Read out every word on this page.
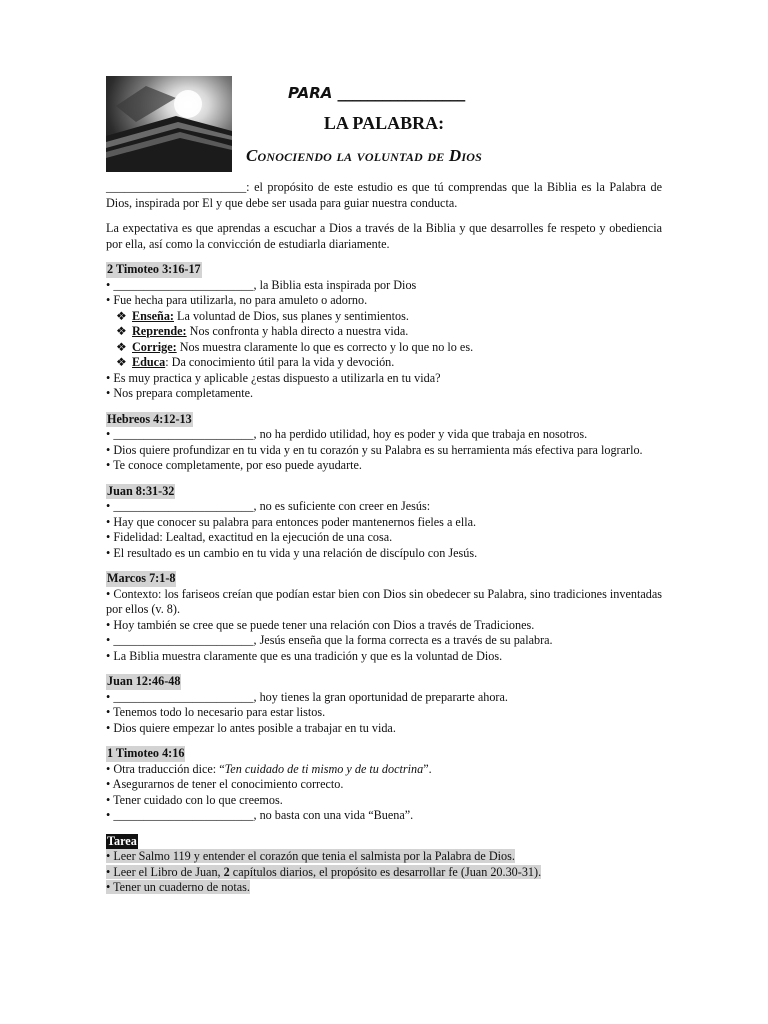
PARA _________________
LA PALABRA:
Conociendo la voluntad de Dios

_______________________: el propósito de este estudio es que tú comprendas que la Biblia es la Palabra de Dios, inspirada por El y que debe ser usada para guiar nuestra conducta.

La expectativa es que aprendas a escuchar a Dios a través de la Biblia y que desarrolles fe respeto y obediencia por ella, así como la convicción de estudiarla diariamente.

2 Timoteo 3:16-17

• _______________________, la Biblia esta inspirada por Dios

• Fue hecha para utilizarla, no para amuleto o adorno.

❖ Enseña: La voluntad de Dios, sus planes y sentimientos.

❖ Reprende: Nos confronta y habla directo a nuestra vida.

❖ Corrige: Nos muestra claramente lo que es correcto y lo que no lo es.

❖ Educa: Da conocimiento útil para la vida y devoción.

• Es muy practica y aplicable ¿estas dispuesto a utilizarla en tu vida?

• Nos prepara completamente.

Hebreos 4:12-13

• _______________________, no ha perdido utilidad, hoy es poder y vida que trabaja en nosotros.

• Dios quiere profundizar en tu vida y en tu corazón y su Palabra es su herramienta más efectiva para lograrlo.

• Te conoce completamente, por eso puede ayudarte.

Juan 8:31-32

• _______________________, no es suficiente con creer en Jesús:

• Hay que conocer su palabra para entonces poder mantenernos fieles a ella.

• Fidelidad: Lealtad, exactitud en la ejecución de una cosa.

• El resultado es un cambio en tu vida y una relación de discípulo con Jesús.

Marcos 7:1-8

• Contexto: los fariseos creían que podían estar bien con Dios sin obedecer su Palabra, sino tradiciones inventadas por ellos (v. 8).

• Hoy también se cree que se puede tener una relación con Dios a través de Tradiciones.

• _______________________, Jesús enseña que la forma correcta es a través de su palabra.

• La Biblia muestra claramente que es una tradición y que es la voluntad de Dios.

Juan 12:46-48

• _______________________, hoy tienes la gran oportunidad de prepararte ahora.

• Tenemos todo lo necesario para estar listos.

• Dios quiere empezar lo antes posible a trabajar en tu vida.

1 Timoteo 4:16

• Otra traducción dice: “Ten cuidado de ti mismo y de tu doctrina”.

• Asegurarnos de tener el conocimiento correcto.

• Tener cuidado con lo que creemos.

• _______________________, no basta con una vida “Buena”.

Tarea

• Leer Salmo 119 y entender el corazón que tenia el salmista por la Palabra de Dios.

• Leer el Libro de Juan, 2 capítulos diarios, el propósito es desarrollar fe (Juan 20.30-31).

• Tener un cuaderno de notas.
